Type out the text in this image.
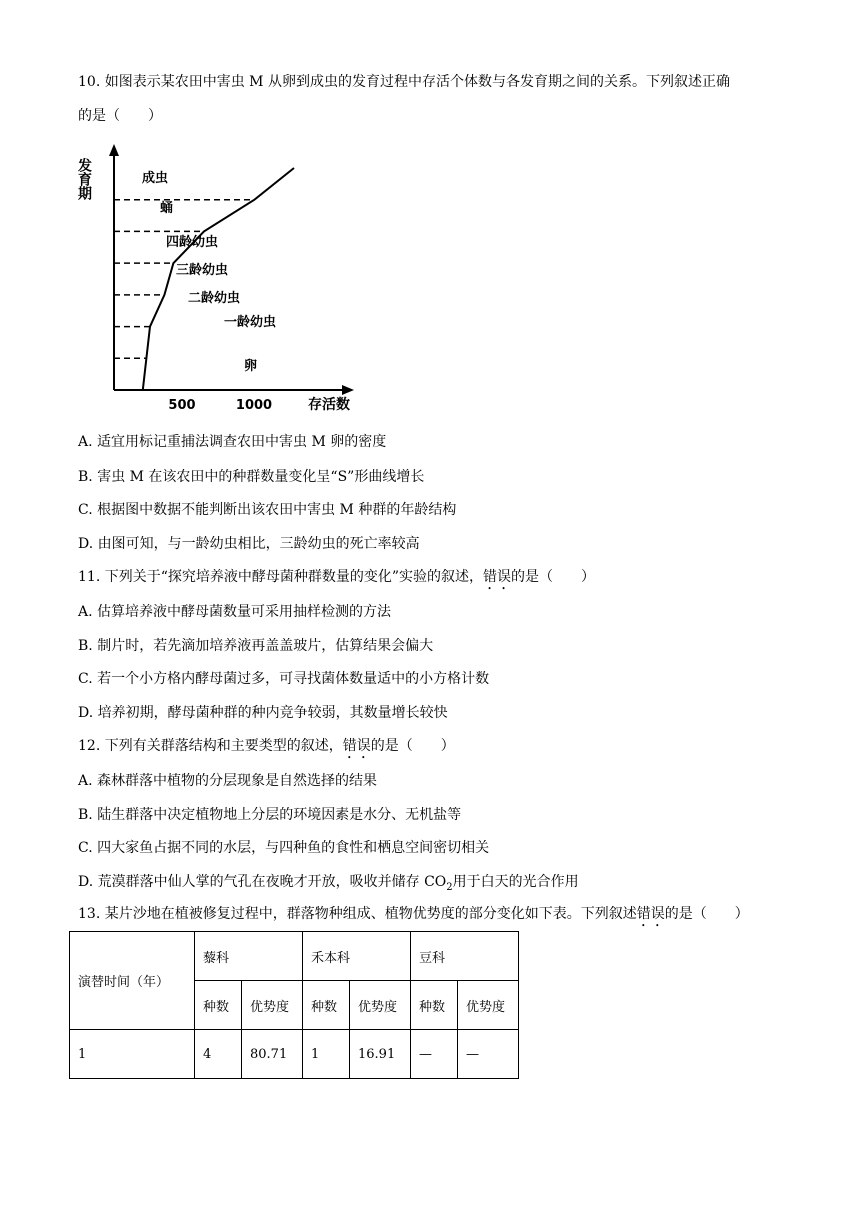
10. 如图表示某农田中害虫 M 从卵到成虫的发育过程中存活个体数与各发育期之间的关系。下列叙述正确
的是（　　）
成虫
蛹
四龄幼虫
三龄幼虫
二龄幼虫
一龄幼虫
卵
发育期
500	1000	存活数
A. 适宜用标记重捕法调查农田中害虫 M 卵的密度
B. 害虫 M 在该农田中的种群数量变化呈“S”形曲线增长
C. 根据图中数据不能判断出该农田中害虫 M 种群的年龄结构
D. 由图可知，与一龄幼虫相比，三龄幼虫的死亡率较高
11. 下列关于“探究培养液中酵母菌种群数量的变化”实验的叙述，错误的是（　　）
A. 估算培养液中酵母菌数量可采用抽样检测的方法
B. 制片时，若先滴加培养液再盖盖玻片，估算结果会偏大
C. 若一个小方格内酵母菌过多，可寻找菌体数量适中的小方格计数
D. 培养初期，酵母菌种群的种内竞争较弱，其数量增长较快
12. 下列有关群落结构和主要类型的叙述，错误的是（　　）
A. 森林群落中植物的分层现象是自然选择的结果
B. 陆生群落中决定植物地上分层的环境因素是水分、无机盐等
C. 四大家鱼占据不同的水层，与四种鱼的食性和栖息空间密切相关
D. 荒漠群落中仙人掌的气孔在夜晚才开放，吸收并储存 $CO_2$用于白天的光合作用
13. 某片沙地在植被修复过程中，群落物种组成、植物优势度的部分变化如下表。下列叙述错误的是（　　）
演替时间（年）	藜科		禾本科		豆科	
	种数	优势度	种数	优势度	种数	优势度
1	4	80.71	1	16.91	—	—
